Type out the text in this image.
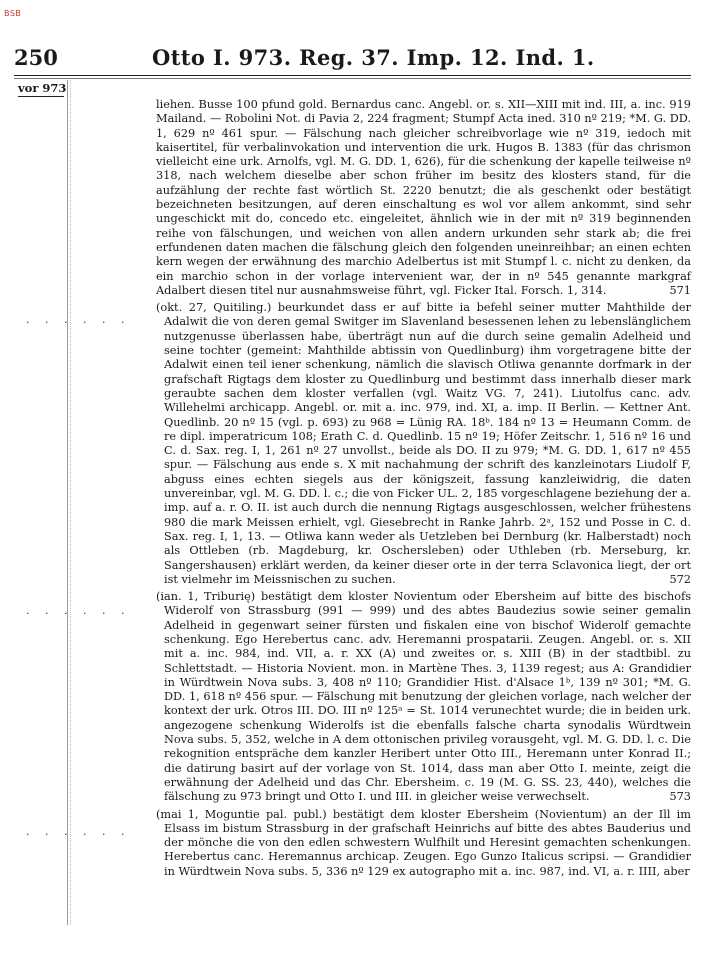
BSB
250	Otto I. 973. Reg. 37. Imp. 12. Ind. 1.
vor 973
. . . . . .
. . . . . .
. . . . . .

liehen. Busse 100 pfund gold. Bernardus canc. Angebl. or. s. XII—XIII mit ind. III, a. inc. 919 Mailand. — Robolini Not. di Pavia 2, 224 fragment; Stumpf Acta ined. 310 nº 219; *M. G. DD. 1, 629 nº 461 spur. — Fälschung nach gleicher schreibvorlage wie nº 319, iedoch mit kaisertitel, für verbalinvokation und intervention die urk. Hugos B. 1383 (für das chrismon vielleicht eine urk. Arnolfs, vgl. M. G. DD. 1, 626), für die schenkung der kapelle teilweise nº 318, nach welchem dieselbe aber schon früher im besitz des klosters stand, für die aufzählung der rechte fast wörtlich St. 2220 benutzt; die als geschenkt oder bestätigt bezeichneten besitzungen, auf deren einschaltung es wol vor allem ankommt, sind sehr ungeschickt mit do, concedo etc. eingeleitet, ähnlich wie in der mit nº 319 beginnenden reihe von fälschungen, und weichen von allen andern urkunden sehr stark ab; die frei erfundenen daten machen die fälschung gleich den folgenden uneinreihbar; an einen echten kern wegen der erwähnung des marchio Adelbertus ist mit Stumpf l. c. nicht zu denken, da ein marchio schon in der vorlage intervenient war, der in nº 545 genannte markgraf Adalbert diesen titel nur ausnahmsweise führt, vgl. Ficker Ital. Forsch. 1, 314.	571

(okt. 27, Quitiling.) beurkundet dass er auf bitte ia befehl seiner mutter Mahthilde der Adalwit die von deren gemal Switger im Slavenland besessenen lehen zu lebenslänglichem nutzgenusse überlassen habe, überträgt nun auf die durch seine gemalin Adelheid und seine tochter (gemeint: Mahthilde abtissin von Quedlinburg) ihm vorgetragene bitte der Adalwit einen teil iener schenkung, nämlich die slavisch Otliwa genannte dorfmark in der grafschaft Rigtags dem kloster zu Quedlinburg und bestimmt dass innerhalb dieser mark geraubte sachen dem kloster verfallen (vgl. Waitz VG. 7, 241). Liutolfus canc. adv. Willehelmi archicapp. Angebl. or. mit a. inc. 979, ind. XI, a. imp. II Berlin. — Kettner Ant. Quedlinb. 20 nº 15 (vgl. p. 693) zu 968 = Lünig RA. 18ᵇ. 184 nº 13 = Heumann Comm. de re dipl. imperatricum 108; Erath C. d. Quedlinb. 15 nº 19; Höfer Zeitschr. 1, 516 nº 16 und C. d. Sax. reg. I, 1, 261 nº 27 unvollst., beide als DO. II zu 979; *M. G. DD. 1, 617 nº 455 spur. — Fälschung aus ende s. X mit nachahmung der schrift des kanzleinotars Liudolf F, abguss eines echten siegels aus der königszeit, fassung kanzleiwidrig, die daten unvereinbar, vgl. M. G. DD. l. c.; die von Ficker UL. 2, 185 vorgeschlagene beziehung der a. imp. auf a. r. O. II. ist auch durch die nennung Rigtags ausgeschlossen, welcher frühestens 980 die mark Meissen erhielt, vgl. Giesebrecht in Ranke Jahrb. 2ᵃ, 152 und Posse in C. d. Sax. reg. I, 1, 13. — Otliwa kann weder als Uetzleben bei Dernburg (kr. Halberstadt) noch als Ottleben (rb. Magdeburg, kr. Oschersleben) oder Uthleben (rb. Merseburg, kr. Sangershausen) erklärt werden, da keiner dieser orte in der terra Sclavonica liegt, der ort ist vielmehr im Meissnischen zu suchen.	572

(ian. 1, Triburię) bestätigt dem kloster Novientum oder Ebersheim auf bitte des bischofs Widerolf von Strassburg (991 — 999) und des abtes Baudezius sowie seiner gemalin Adelheid in gegenwart seiner fürsten und fiskalen eine von bischof Widerolf gemachte schenkung. Ego Herebertus canc. adv. Heremanni prospatarii. Zeugen. Angebl. or. s. XII mit a. inc. 984, ind. VII, a. r. XX (A) und zweites or. s. XIII (B) in der stadtbibl. zu Schlettstadt. — Historia Novient. mon. in Martène Thes. 3, 1139 regest; aus A: Grandidier in Würdtwein Nova subs. 3, 408 nº 110; Grandidier Hist. d'Alsace 1ᵇ, 139 nº 301; *M. G. DD. 1, 618 nº 456 spur. — Fälschung mit benutzung der gleichen vorlage, nach welcher der kontext der urk. Otros III. DO. III nº 125ᵃ = St. 1014 verunechtet wurde; die in beiden urk. angezogene schenkung Widerolfs ist die ebenfalls falsche charta synodalis Würdtwein Nova subs. 5, 352, welche in A dem ottonischen privileg vorausgeht, vgl. M. G. DD. l. c. Die rekognition entspräche dem kanzler Heribert unter Otto III., Heremann unter Konrad II.; die datirung basirt auf der vorlage von St. 1014, dass man aber Otto I. meinte, zeigt die erwähnung der Adelheid und das Chr. Ebersheim. c. 19 (M. G. SS. 23, 440), welches die fälschung zu 973 bringt und Otto I. und III. in gleicher weise verwechselt.	573

(mai 1, Moguntie pal. publ.) bestätigt dem kloster Ebersheim (Novientum) an der Ill im Elsass im bistum Strassburg in der grafschaft Heinrichs auf bitte des abtes Bauderius und der mönche die von den edlen schwestern Wulfhilt und Heresint gemachten schenkungen. Herebertus canc. Heremannus archicap. Zeugen. Ego Gunzo Italicus scripsi. — Grandidier in Würdtwein Nova subs. 5, 336 nº 129 ex autographo mit a. inc. 987, ind. VI, a. r. IIII, aber
